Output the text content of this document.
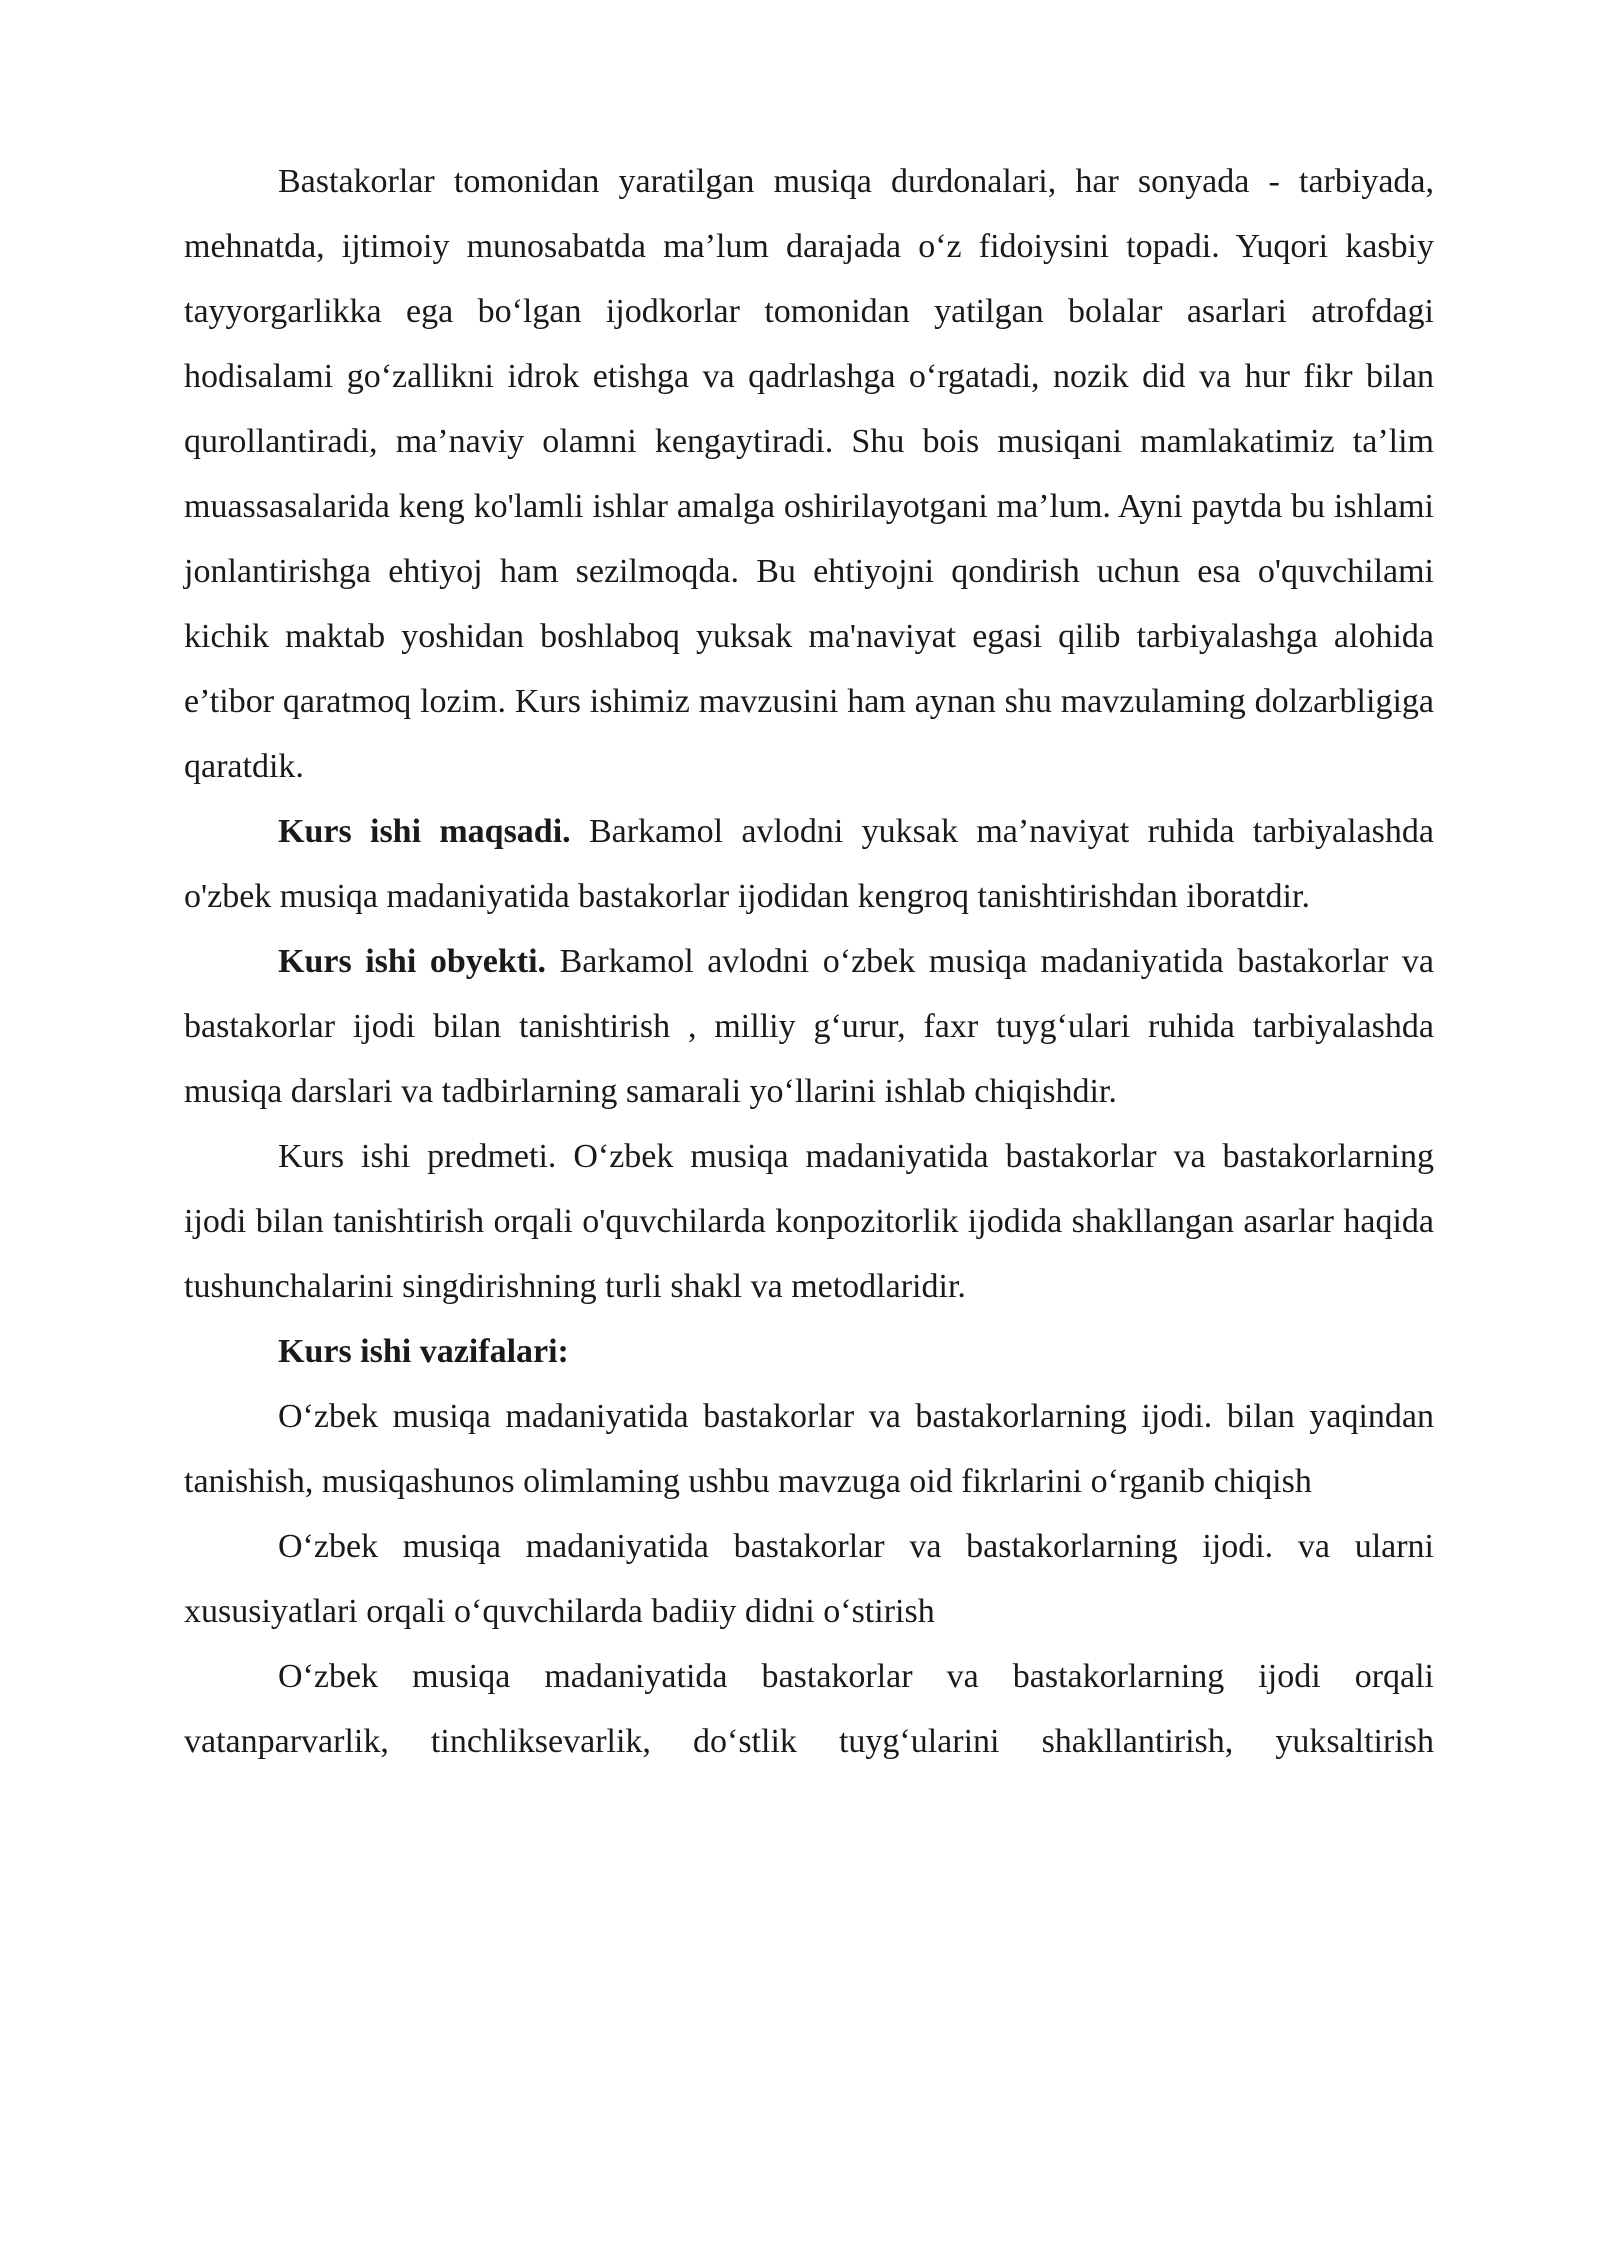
Bastakorlar tomonidan yaratilgan musiqa durdonalari, har sonyada - tarbiyada, mehnatda, ijtimoiy munosabatda ma’lum darajada o‘z fidoiysini topadi. Yuqori kasbiy tayyorgarlikka ega bo‘lgan ijodkorlar tomonidan yatilgan bolalar asarlari atrofdagi hodisalami go‘zallikni idrok etishga va qadrlashga o‘rgatadi, nozik did va hur fikr bilan qurollantiradi, ma’naviy olamni kengaytiradi. Shu bois musiqani mamlakatimiz ta’lim muassasalarida keng ko'lamli ishlar amalga oshirilayotgani ma’lum. Ayni paytda bu ishlami jonlantirishga ehtiyoj ham sezilmoqda. Bu ehtiyojni qondirish uchun esa o'quvchilami kichik maktab yoshidan boshlaboq yuksak ma'naviyat egasi qilib tarbiyalashga alohida e’tibor qaratmoq lozim. Kurs ishimiz mavzusini ham aynan shu mavzulaming dolzarbligiga qaratdik.

Kurs ishi maqsadi. Barkamol avlodni yuksak ma’naviyat ruhida tarbiyalashda o'zbek musiqa madaniyatida bastakorlar ijodidan kengroq tanishtirishdan iboratdir.

Kurs ishi obyekti. Barkamol avlodni o‘zbek musiqa madaniyatida bastakorlar va bastakorlar ijodi bilan tanishtirish , milliy g‘urur, faxr tuyg‘ulari ruhida tarbiyalashda musiqa darslari va tadbirlarning samarali yo‘llarini ishlab chiqishdir.

Kurs ishi predmeti. O‘zbek musiqa madaniyatida bastakorlar va bastakorlarning ijodi bilan tanishtirish orqali o'quvchilarda konpozitorlik ijodida shakllangan asarlar haqida tushunchalarini singdirishning turli shakl va metodlaridir.

Kurs ishi vazifalari:

O‘zbek musiqa madaniyatida bastakorlar va bastakorlarning ijodi. bilan yaqindan tanishish, musiqashunos olimlaming ushbu mavzuga oid fikrlarini o‘rganib chiqish

O‘zbek musiqa madaniyatida bastakorlar va bastakorlarning ijodi. va ularni xususiyatlari orqali o‘quvchilarda badiiy didni o‘stirish

O‘zbek musiqa madaniyatida bastakorlar va bastakorlarning ijodi orqali vatanparvarlik, tinchliksevarlik, do‘stlik tuyg‘ularini shakllantirish, yuksaltirish
